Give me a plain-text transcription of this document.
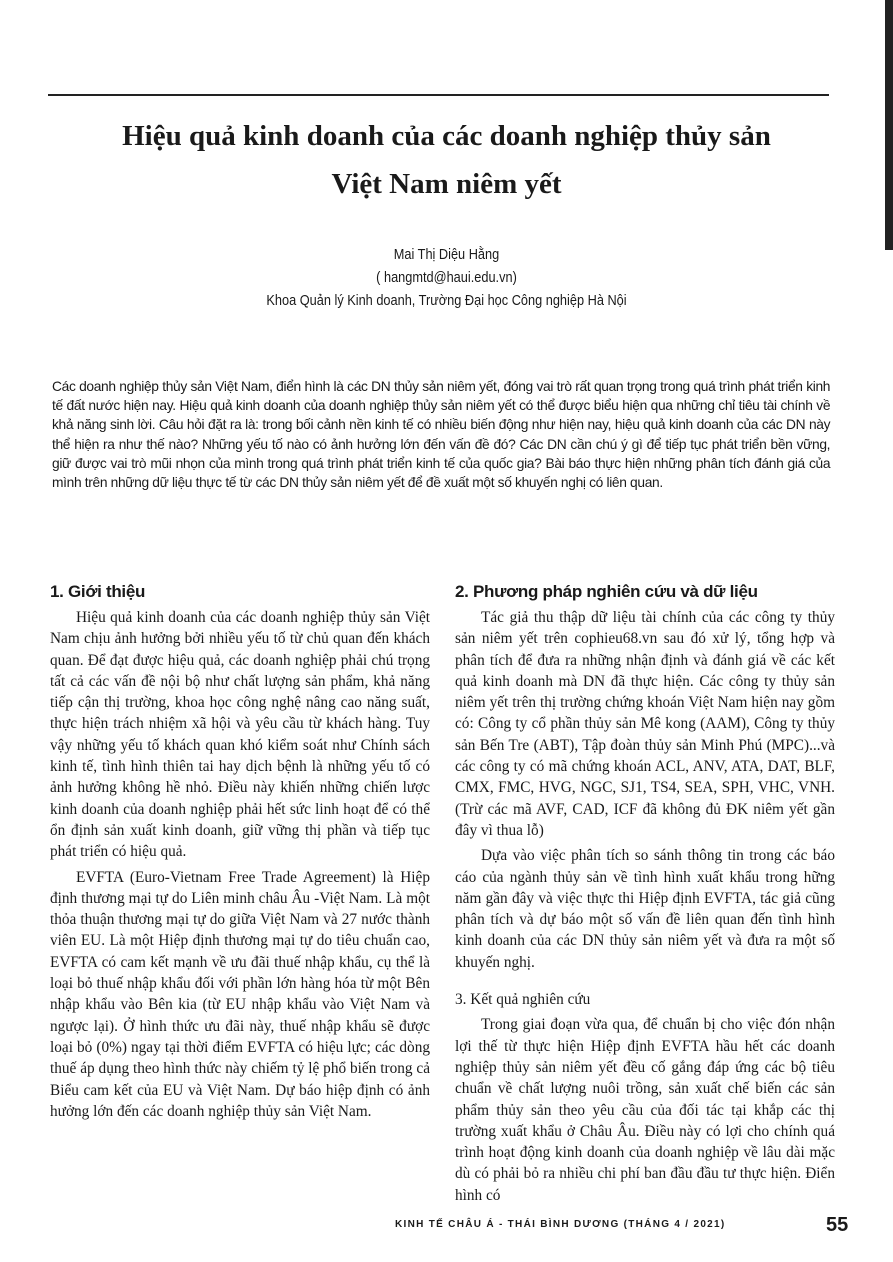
Hiệu quả kinh doanh của các doanh nghiệp thủy sản
Việt Nam niêm yết
Mai Thị Diệu Hằng
( hangmtd@haui.edu.vn)
Khoa Quản lý Kinh doanh, Trường Đại học Công nghiệp Hà Nội
Các doanh nghiệp thủy sản Việt Nam, điển hình là các DN thủy sản niêm yết, đóng vai trò rất quan trọng trong quá trình phát triển kinh tế đất nước hiện nay. Hiệu quả kinh doanh của doanh nghiệp thủy sản niêm yết có thể được biểu hiện qua những chỉ tiêu tài chính về khả năng sinh lời. Câu hỏi đặt ra là: trong bối cảnh nền kinh tế có nhiều biến động như hiện nay, hiệu quả kinh doanh của các DN này thể hiện ra như thế nào? Những yếu tố nào có ảnh hưởng lớn đến vấn đề đó? Các DN cần chú ý gì để tiếp tục phát triển bền vững, giữ được vai trò mũi nhọn của mình trong quá trình phát triển kinh tế của quốc gia? Bài báo thực hiện những phân tích đánh giá của mình trên những dữ liệu thực tế từ các DN thủy sản niêm yết để đề xuất một số khuyến nghị có liên quan.
1. Giới thiệu

Hiệu quả kinh doanh của các doanh nghiệp thủy sản Việt Nam chịu ảnh hưởng bởi nhiều yếu tố từ chủ quan đến khách quan. Để đạt được hiệu quả, các doanh nghiệp phải chú trọng tất cả các vấn đề nội bộ như chất lượng sản phẩm, khả năng tiếp cận thị trường, khoa học công nghệ nâng cao năng suất, thực hiện trách nhiệm xã hội và yêu cầu từ khách hàng. Tuy vậy những yếu tố khách quan khó kiểm soát như Chính sách kinh tế, tình hình thiên tai hay dịch bệnh là những yếu tố có ảnh hưởng không hề nhỏ. Điều này khiến những chiến lược kinh doanh của doanh nghiệp phải hết sức linh hoạt để có thể ổn định sản xuất kinh doanh, giữ vững thị phần và tiếp tục phát triển có hiệu quả.

EVFTA (Euro-Vietnam Free Trade Agreement) là Hiệp định thương mại tự do Liên minh châu Âu -Việt Nam. Là một thỏa thuận thương mại tự do giữa Việt Nam và 27 nước thành viên EU. Là một Hiệp định thương mại tự do tiêu chuẩn cao, EVFTA có cam kết mạnh về ưu đãi thuế nhập khẩu, cụ thể là loại bỏ thuế nhập khẩu đối với phần lớn hàng hóa từ một Bên nhập khẩu vào Bên kia (từ EU nhập khẩu vào Việt Nam và ngược lại). Ở hình thức ưu đãi này, thuế nhập khẩu sẽ được loại bỏ (0%) ngay tại thời điểm EVFTA có hiệu lực; các dòng thuế áp dụng theo hình thức này chiếm tỷ lệ phổ biến trong cả Biểu cam kết của EU và Việt Nam. Dự báo hiệp định có ảnh hưởng lớn đến các doanh nghiệp thủy sản Việt Nam.

2. Phương pháp nghiên cứu và dữ liệu

Tác giả thu thập dữ liệu tài chính của các công ty thủy sản niêm yết trên cophieu68.vn sau đó xử lý, tổng hợp và phân tích để đưa ra những nhận định và đánh giá về các kết quả kinh doanh mà DN đã thực hiện. Các công ty thủy sản niêm yết trên thị trường chứng khoán Việt Nam hiện nay gồm có: Công ty cổ phần thủy sản Mê kong (AAM), Công ty thủy sản Bến Tre (ABT), Tập đoàn thủy sản Minh Phú (MPC)...và các công ty có mã chứng khoán ACL, ANV, ATA, DAT, BLF, CMX, FMC, HVG, NGC, SJ1, TS4, SEA, SPH, VHC, VNH. (Trừ các mã AVF, CAD, ICF đã không đủ ĐK niêm yết gần đây vì thua lỗ)

Dựa vào việc phân tích so sánh thông tin trong các báo cáo của ngành thủy sản về tình hình xuất khẩu trong hững năm gần đây và việc thực thi Hiệp định EVFTA, tác giả cũng phân tích và dự báo một số vấn đề liên quan đến tình hình kinh doanh của các DN thủy sản niêm yết và đưa ra một số khuyến nghị.

3. Kết quả nghiên cứu

Trong giai đoạn vừa qua, để chuẩn bị cho việc đón nhận lợi thế từ thực hiện Hiệp định EVFTA hầu hết các doanh nghiệp thủy sản niêm yết đều cố gắng đáp ứng các bộ tiêu chuẩn về chất lượng nuôi trồng, sản xuất chế biến các sản phẩm thủy sản theo yêu cầu của đối tác tại khắp các thị trường xuất khẩu ở Châu Âu. Điều này có lợi cho chính quá trình hoạt động kinh doanh của doanh nghiệp về lâu dài mặc dù có phải bỏ ra nhiều chi phí ban đầu đầu tư thực hiện. Điển hình có

KINH TẾ CHÂU Á - THÁI BÌNH DƯƠNG (THÁNG 4 / 2021)	55
